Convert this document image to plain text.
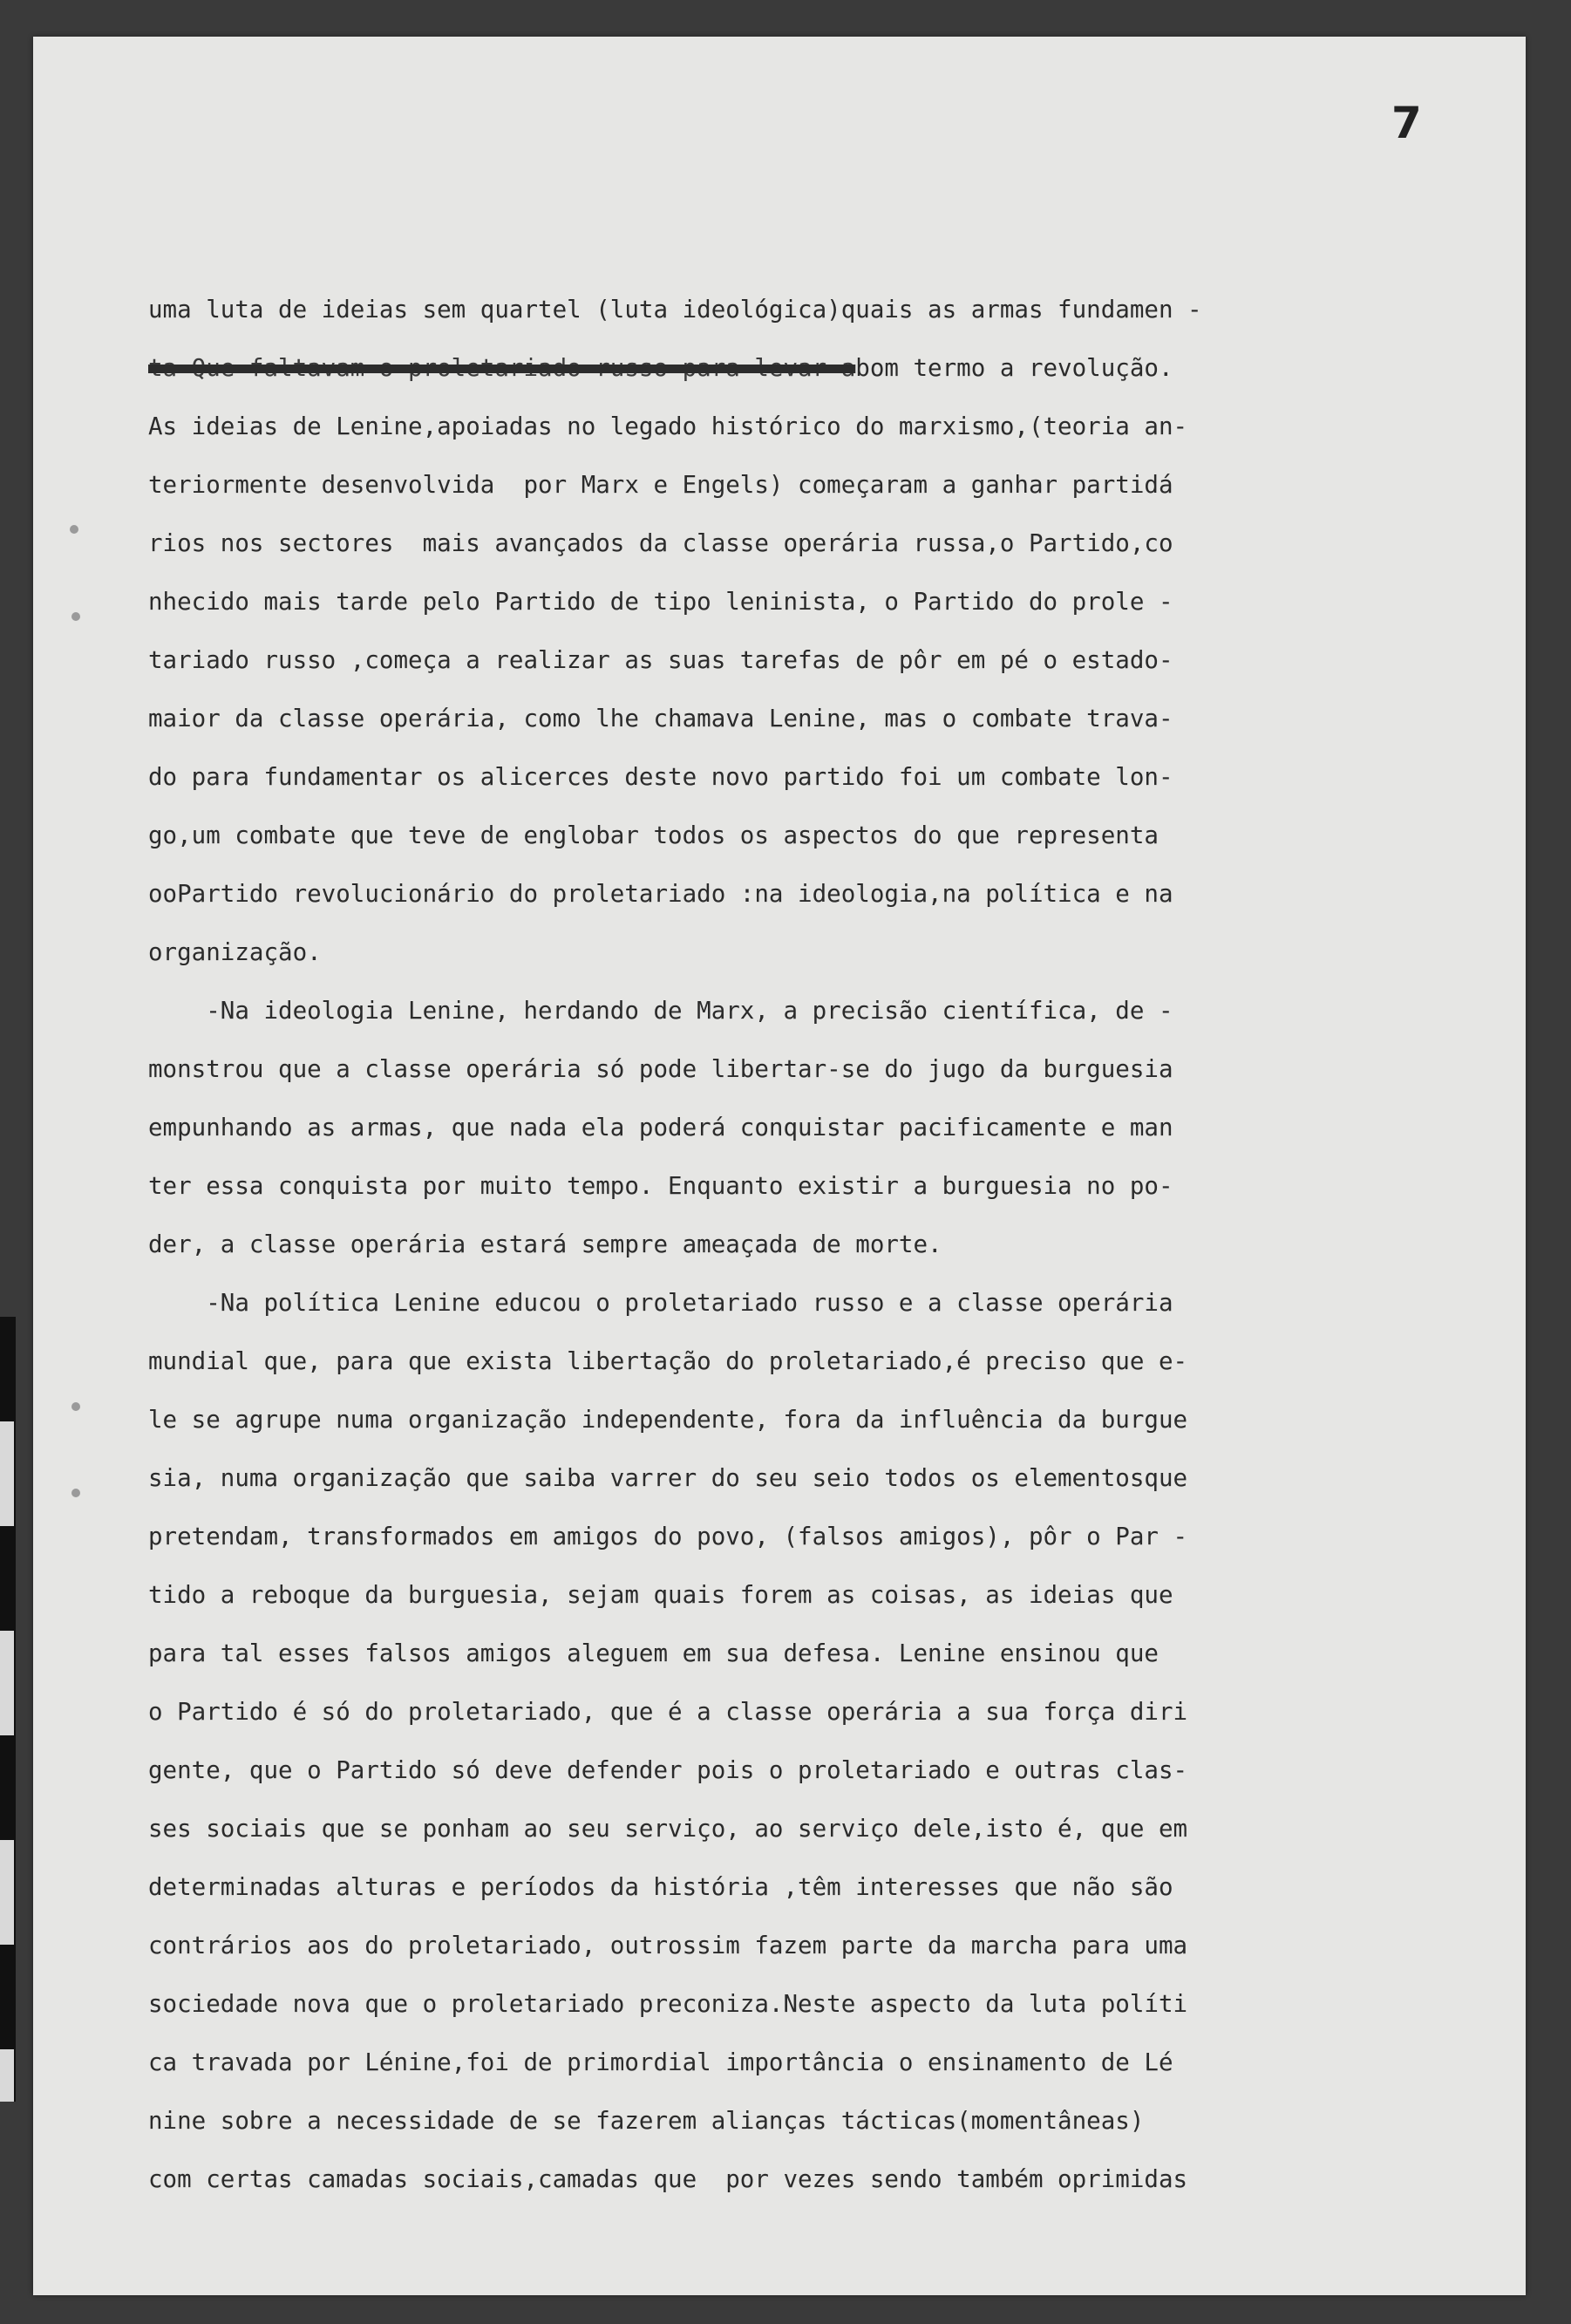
7
uma luta de ideias sem quartel (luta ideológica)quais as armas fundamen -
ta-Que faltavam o proletariado russo para levar abom termo a revolução.
As ideias de Lenine,apoiadas no legado histórico do marxismo,(teoria an-
teriormente desenvolvida  por Marx e Engels) começaram a ganhar partidá
rios nos sectores  mais avançados da classe operária russa,o Partido,co
nhecido mais tarde pelo Partido de tipo leninista, o Partido do prole -
tariado russo ,começa a realizar as suas tarefas de pôr em pé o estado-
maior da classe operária, como lhe chamava Lenine, mas o combate trava-
do para fundamentar os alicerces deste novo partido foi um combate lon-
go,um combate que teve de englobar todos os aspectos do que representa
ooPartido revolucionário do proletariado :na ideologia,na política e na
organização.
-Na ideologia Lenine, herdando de Marx, a precisão científica, de -
monstrou que a classe operária só pode libertar-se do jugo da burguesia
empunhando as armas, que nada ela poderá conquistar pacificamente e man
ter essa conquista por muito tempo. Enquanto existir a burguesia no po-
der, a classe operária estará sempre ameaçada de morte.
-Na política Lenine educou o proletariado russo e a classe operária
mundial que, para que exista libertação do proletariado,é preciso que e-
le se agrupe numa organização independente, fora da influência da burgue
sia, numa organização que saiba varrer do seu seio todos os elementosque
pretendam, transformados em amigos do povo, (falsos amigos), pôr o Par -
tido a reboque da burguesia, sejam quais forem as coisas, as ideias que
para tal esses falsos amigos aleguem em sua defesa. Lenine ensinou que
o Partido é só do proletariado, que é a classe operária a sua força diri
gente, que o Partido só deve defender pois o proletariado e outras clas-
ses sociais que se ponham ao seu serviço, ao serviço dele,isto é, que em
determinadas alturas e períodos da história ,têm interesses que não são
contrários aos do proletariado, outrossim fazem parte da marcha para uma
sociedade nova que o proletariado preconiza.Neste aspecto da luta políti
ca travada por Lénine,foi de primordial importância o ensinamento de Lé
nine sobre a necessidade de se fazerem alianças tácticas(momentâneas)
com certas camadas sociais,camadas que  por vezes sendo também oprimidas
